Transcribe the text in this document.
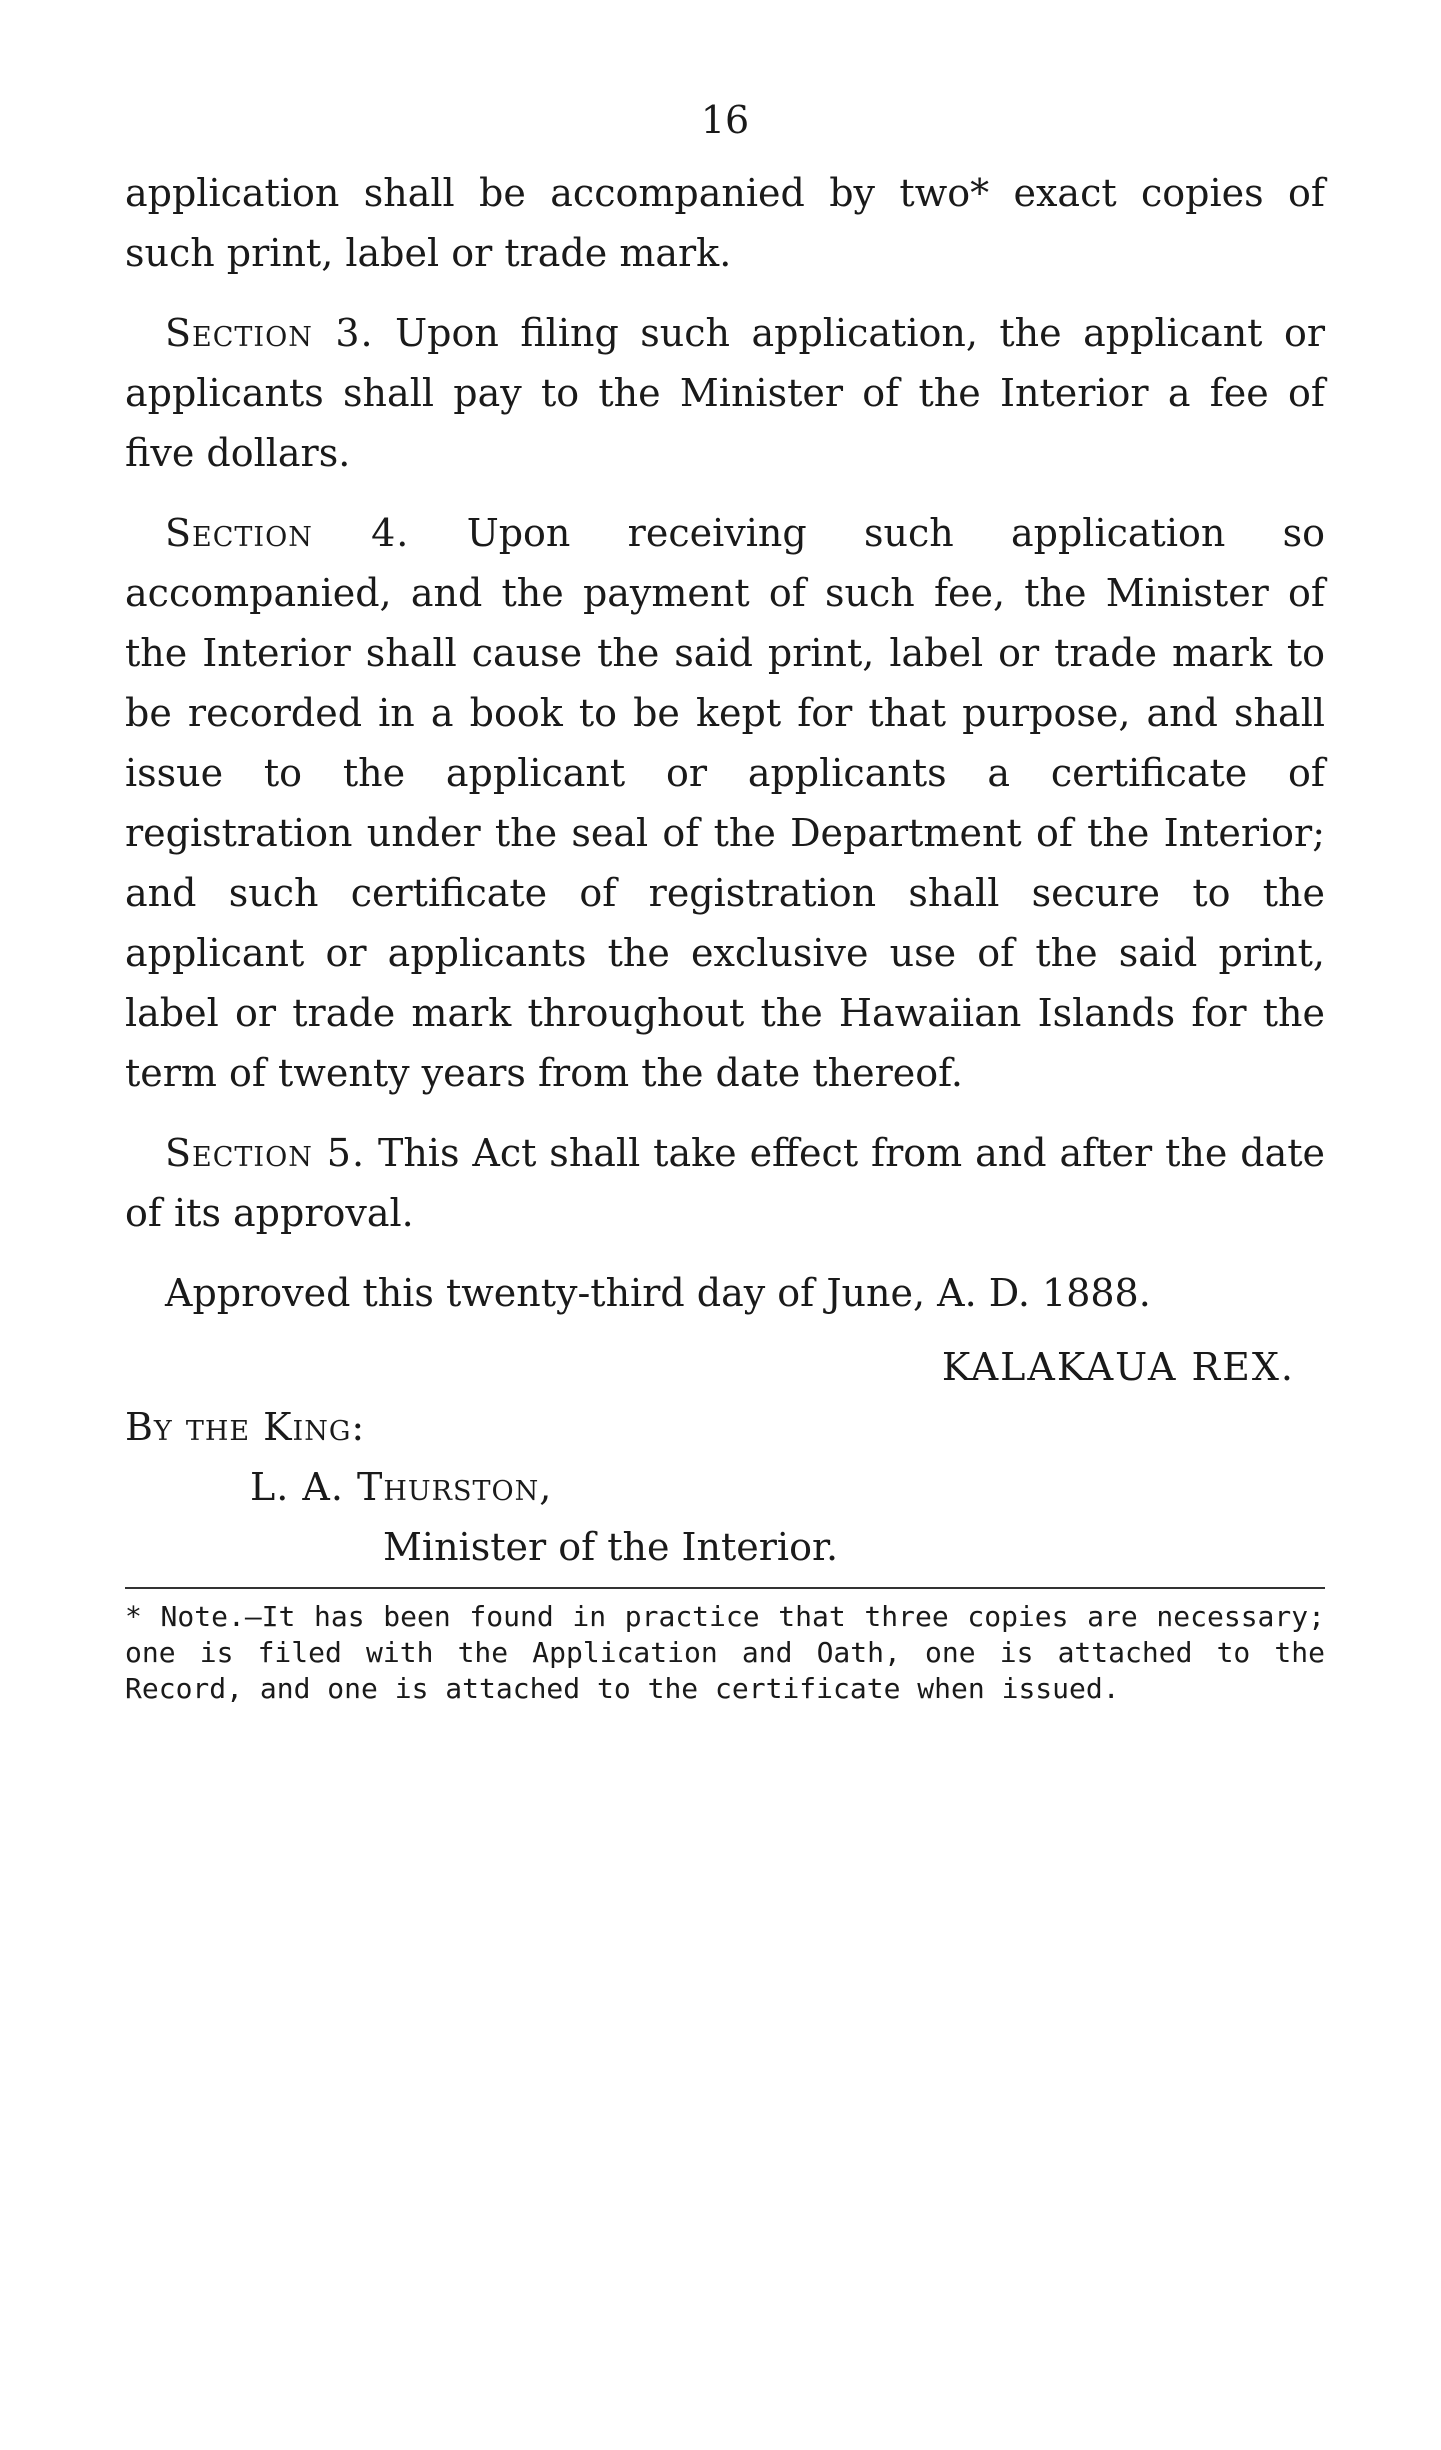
16

application shall be accompanied by two* exact copies of such print, label or trade mark.

Section 3. Upon filing such application, the applicant or applicants shall pay to the Minister of the Interior a fee of five dollars.

Section 4. Upon receiving such application so accompanied, and the payment of such fee, the Minister of the Interior shall cause the said print, label or trade mark to be recorded in a book to be kept for that purpose, and shall issue to the applicant or applicants a certificate of registration under the seal of the Department of the Interior; and such certificate of registration shall secure to the applicant or applicants the exclusive use of the said print, label or trade mark throughout the Hawaiian Islands for the term of twenty years from the date thereof.

Section 5. This Act shall take effect from and after the date of its approval.

Approved this twenty-third day of June, A. D. 1888.

KALAKAUA REX.

By the King:

L. A. Thurston,

Minister of the Interior.

* Note.—It has been found in practice that three copies are necessary; one is filed with the Application and Oath, one is attached to the Record, and one is attached to the certificate when issued.
